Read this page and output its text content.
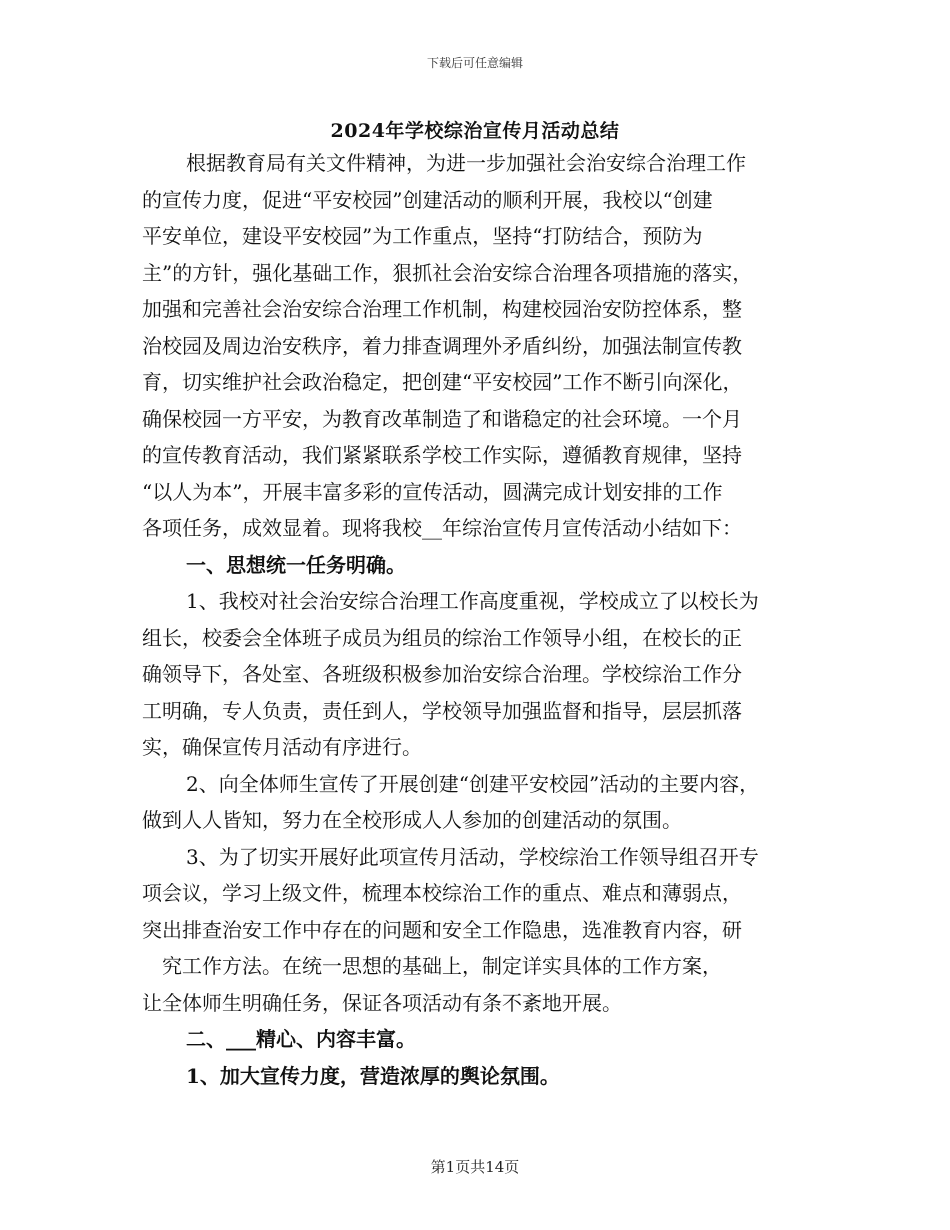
下载后可任意编辑
2024年学校综治宣传月活动总结
根据教育局有关文件精神，为进一步加强社会治安综合治理工作
的宣传力度，促进“平安校园”创建活动的顺利开展，我校以“创建
平安单位，建设平安校园”为工作重点，坚持“打防结合，预防为
主”的方针，强化基础工作，狠抓社会治安综合治理各项措施的落实，
加强和完善社会治安综合治理工作机制，构建校园治安防控体系，整
治校园及周边治安秩序，着力排查调理外矛盾纠纷，加强法制宣传教
育，切实维护社会政治稳定，把创建“平安校园”工作不断引向深化，
确保校园一方平安，为教育改革制造了和谐稳定的社会环境。一个月
的宣传教育活动，我们紧紧联系学校工作实际，遵循教育规律，坚持
“以人为本”，开展丰富多彩的宣传活动，圆满完成计划安排的工作
各项任务，成效显着。现将我校__年综治宣传月宣传活动小结如下：
一、思想统一任务明确。
1、我校对社会治安综合治理工作高度重视，学校成立了以校长为
组长，校委会全体班子成员为组员的综治工作领导小组，在校长的正
确领导下，各处室、各班级积极参加治安综合治理。学校综治工作分
工明确，专人负责，责任到人，学校领导加强监督和指导，层层抓落
实，确保宣传月活动有序进行。
2、向全体师生宣传了开展创建“创建平安校园”活动的主要内容，
做到人人皆知，努力在全校形成人人参加的创建活动的氛围。
3、为了切实开展好此项宣传月活动，学校综治工作领导组召开专
项会议，学习上级文件，梳理本校综治工作的重点、难点和薄弱点，
突出排查治安工作中存在的问题和安全工作隐患，选准教育内容，研
究工作方法。在统一思想的基础上，制定详实具体的工作方案，
让全体师生明确任务，保证各项活动有条不紊地开展。
二、___精心、内容丰富。
1、加大宣传力度，营造浓厚的舆论氛围。
第1页共14页
